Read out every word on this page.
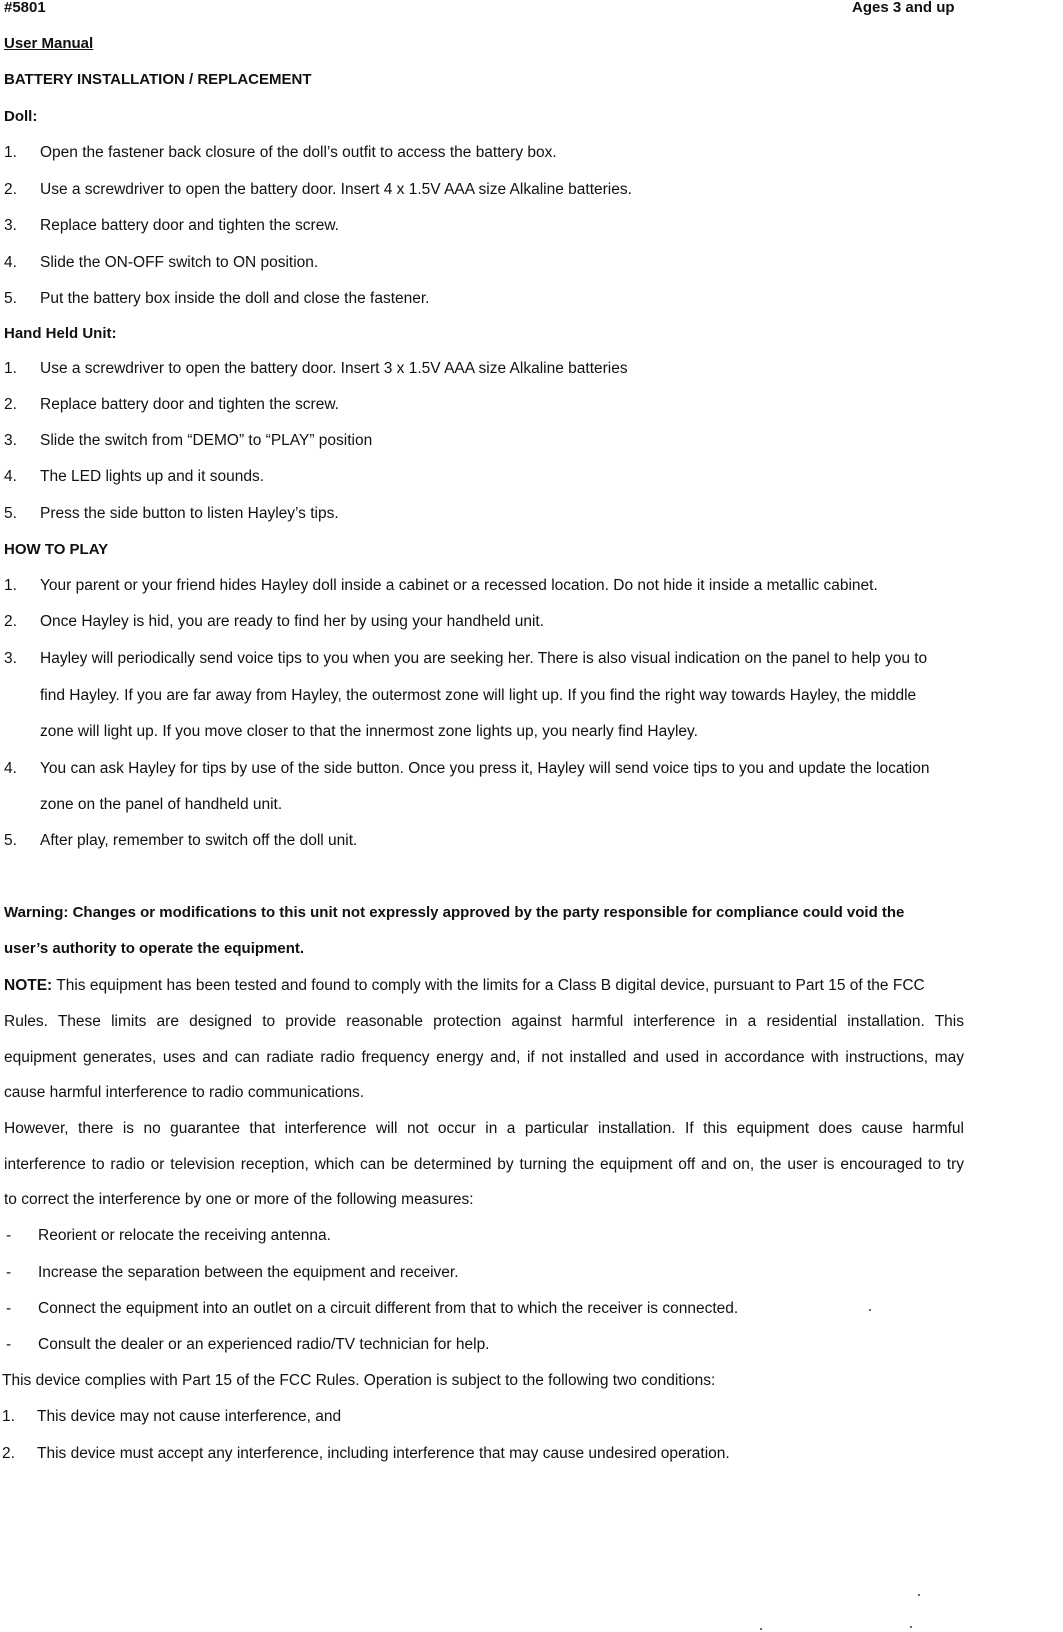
#5801	Ages 3 and up
User Manual
BATTERY INSTALLATION / REPLACEMENT
Doll:
1. Open the fastener back closure of the doll’s outfit to access the battery box.
2. Use a screwdriver to open the battery door. Insert 4 x 1.5V AAA size Alkaline batteries.
3. Replace battery door and tighten the screw.
4. Slide the ON-OFF switch to ON position.
5. Put the battery box inside the doll and close the fastener.
Hand Held Unit:
1. Use a screwdriver to open the battery door. Insert 3 x 1.5V AAA size Alkaline batteries
2. Replace battery door and tighten the screw.
3. Slide the switch from “DEMO” to “PLAY” position
4. The LED lights up and it sounds.
5. Press the side button to listen Hayley’s tips.
HOW TO PLAY
1. Your parent or your friend hides Hayley doll inside a cabinet or a recessed location. Do not hide it inside a metallic cabinet.
2. Once Hayley is hid, you are ready to find her by using your handheld unit.
3. Hayley will periodically send voice tips to you when you are seeking her. There is also visual indication on the panel to help you to
find Hayley. If you are far away from Hayley, the outermost zone will light up. If you find the right way towards Hayley, the middle
zone will light up. If you move closer to that the innermost zone lights up, you nearly find Hayley.
4. You can ask Hayley for tips by use of the side button. Once you press it, Hayley will send voice tips to you and update the location
zone on the panel of handheld unit.
5. After play, remember to switch off the doll unit.
Warning: Changes or modifications to this unit not expressly approved by the party responsible for compliance could void the
user’s authority to operate the equipment.
NOTE: This equipment has been tested and found to comply with the limits for a Class B digital device, pursuant to Part 15 of the FCC
Rules. These limits are designed to provide reasonable protection against harmful interference in a residential installation. This
equipment generates, uses and can radiate radio frequency energy and, if not installed and used in accordance with instructions, may
cause harmful interference to radio communications.
However, there is no guarantee that interference will not occur in a particular installation. If this equipment does cause harmful
interference to radio or television reception, which can be determined by turning the equipment off and on, the user is encouraged to try
to correct the interference by one or more of the following measures:
- Reorient or relocate the receiving antenna.
- Increase the separation between the equipment and receiver.
- Connect the equipment into an outlet on a circuit different from that to which the receiver is connected.
- Consult the dealer or an experienced radio/TV technician for help.
This device complies with Part 15 of the FCC Rules. Operation is subject to the following two conditions:
1. This device may not cause interference, and
2. This device must accept any interference, including interference that may cause undesired operation.
